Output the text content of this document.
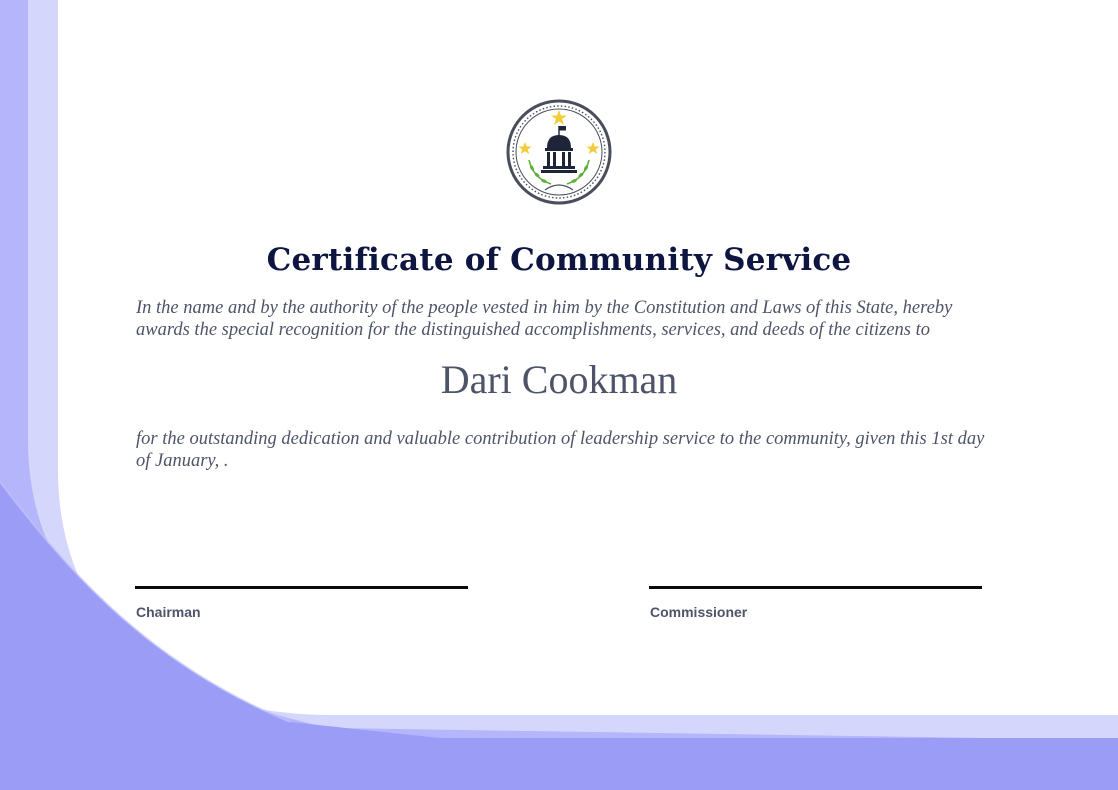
Certificate of Community Service
In the name and by the authority of the people vested in him by the Constitution and Laws of this State, hereby awards the special recognition for the distinguished accomplishments, services, and deeds of the citizens to
Dari Cookman
for the outstanding dedication and valuable contribution of leadership service to the community, given this 1st day of January, .
Chairman	Commissioner
